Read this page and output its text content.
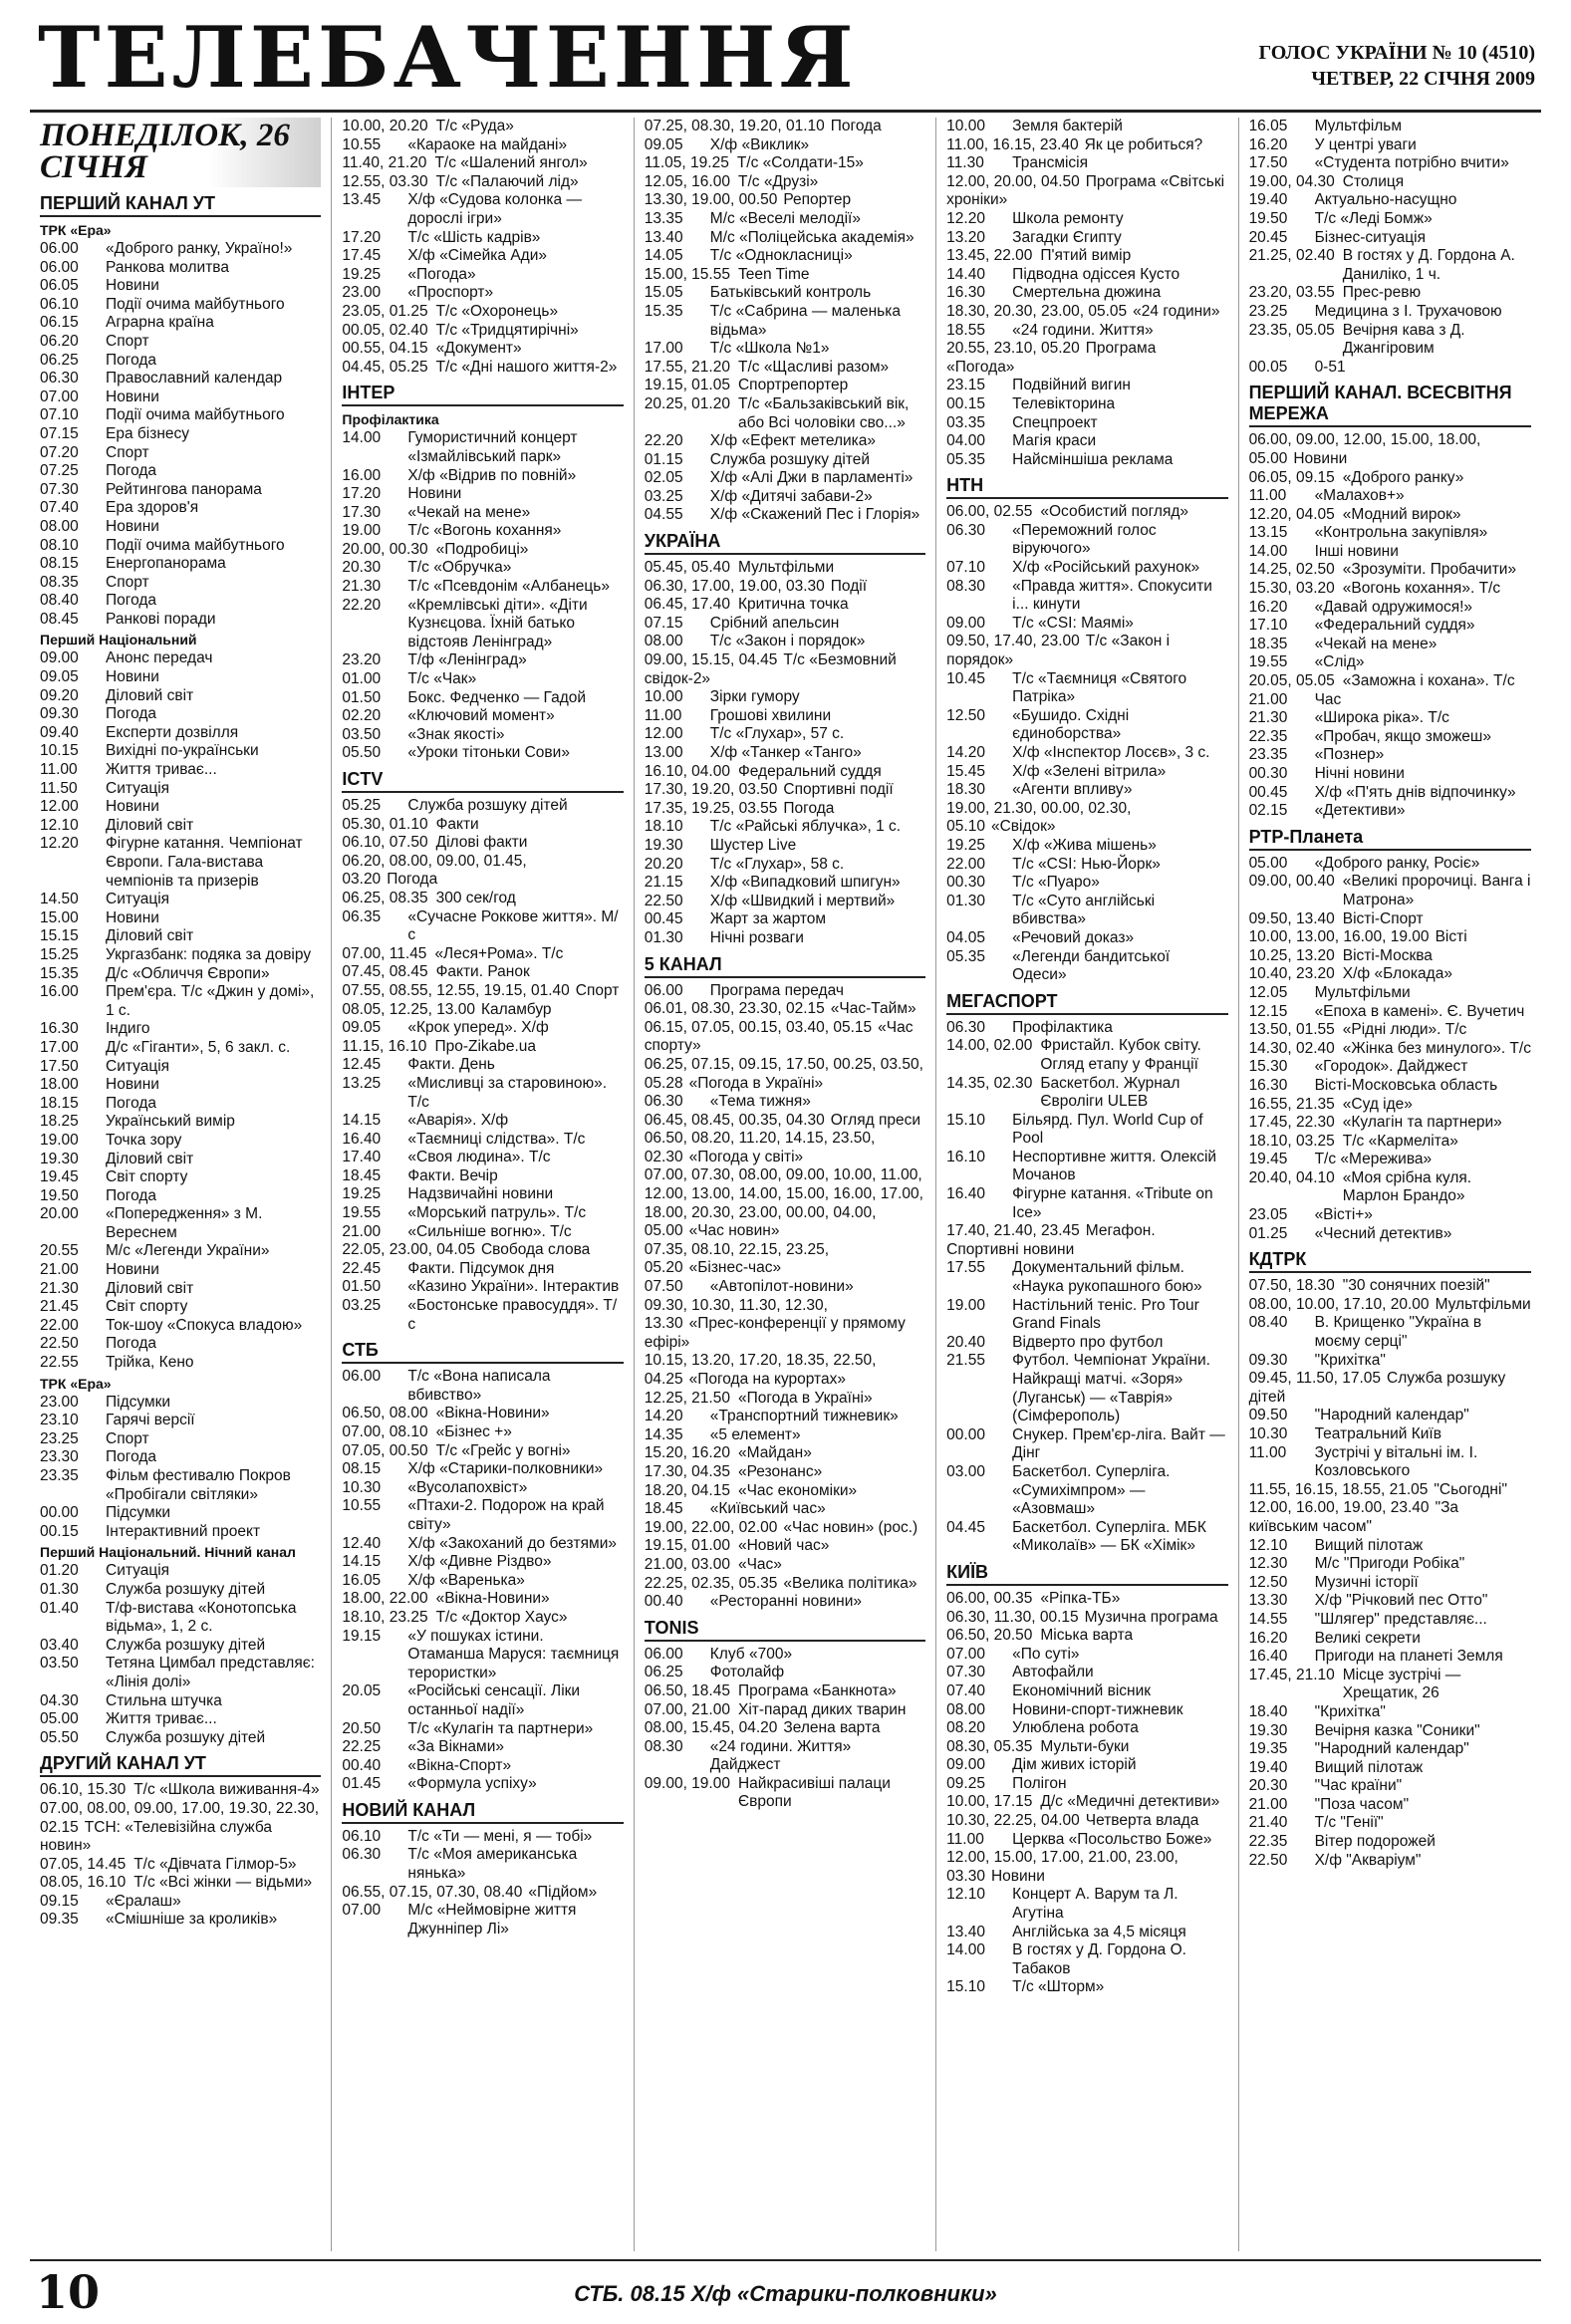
ТЕЛЕБАЧЕННЯ	ГОЛОС УКРАЇНИ № 10 (4510)
ЧЕТВЕР, 22 СІЧНЯ 2009
ПОНЕДІЛОК, 26 СІЧНЯ
ПЕРШИЙ КАНАЛ УТ
ТРК «Ера»
06.00	«Доброго ранку, Україно!»
06.00	Ранкова молитва
06.05	Новини
06.10	Події очима майбутнього
06.15	Аграрна країна
06.20	Спорт
06.25	Погода
06.30	Православний календар
07.00	Новини
07.10	Події очима майбутнього
07.15	Ера бізнесу
07.20	Спорт
07.25	Погода
07.30	Рейтингова панорама
07.40	Ера здоров'я
08.00	Новини
08.10	Події очима майбутнього
08.15	Енергопанорама
08.35	Спорт
08.40	Погода
08.45	Ранкові поради
Перший Національний
09.00	Анонс передач
09.05	Новини
09.20	Діловий світ
09.30	Погода
09.40	Експерти дозвілля
10.15	Вихідні по-українськи
11.00	Життя триває...
11.50	Ситуація
12.00	Новини
12.10	Діловий світ
12.20	Фігурне катання. Чемпіонат Європи. Гала-вистава чемпіонів та призерів
14.50	Ситуація
15.00	Новини
15.15	Діловий світ
15.25	Укргазбанк: подяка за довіру
15.35	Д/с «Обличчя Європи»
16.00	Прем'єра. Т/с «Джин у домі», 1 с.
16.30	Індиго
17.00	Д/с «Гіганти», 5, 6 закл. с.
17.50	Ситуація
18.00	Новини
18.15	Погода
18.25	Український вимір
19.00	Точка зору
19.30	Діловий світ
19.45	Світ спорту
19.50	Погода
20.00	«Попередження» з М. Вереснем
20.55	М/с «Легенди України»
21.00	Новини
21.30	Діловий світ
21.45	Світ спорту
22.00	Ток-шоу «Спокуса владою»
22.50	Погода
22.55	Трійка, Кено
ТРК «Ера»
23.00	Підсумки
23.10	Гарячі версії
23.25	Спорт
23.30	Погода
23.35	Фільм фестивалю Покров «Пробігали світляки»
00.00	Підсумки
00.15	Інтерактивний проект
Перший Національний. Нічний канал
01.20	Ситуація
01.30	Служба розшуку дітей
01.40	Т/ф-вистава «Конотопська відьма», 1, 2 с.
03.40	Служба розшуку дітей
03.50	Тетяна Цимбал представляє: «Лінія долі»
04.30	Стильна штучка
05.00	Життя триває...
05.50	Служба розшуку дітей
ДРУГИЙ КАНАЛ УТ
06.10, 15.30 Т/с «Школа виживання-4»
07.00, 08.00, 09.00, 17.00, 19.30, 22.30, 02.15 ТСН: «Телевізійна служба новин»
07.05, 14.45 Т/с «Дівчата Гілмор-5»
08.05, 16.10 Т/с «Всі жінки — відьми»
09.15	«Єралаш»
09.35	«Смішніше за кроликів»
10.00, 20.20 Т/с «Руда»
10.55	«Караоке на майдані»
11.40, 21.20 Т/с «Шалений янгол»
12.55, 03.30 Т/с «Палаючий лід»
13.45	Х/ф «Судова колонка — дорослі ігри»
17.20	Т/с «Шість кадрів»
17.45	Х/ф «Сімейка Ади»
19.25	«Погода»
23.00	«Проспорт»
23.05, 01.25 Т/с «Охоронець»
00.05, 02.40 Т/с «Тридцятирічні»
00.55, 04.15 «Документ»
04.45, 05.25 Т/с «Дні нашого життя-2»
ІНТЕР
Профілактика
14.00	Гумористичний концерт «Ізмайлівський парк»
16.00	Х/ф «Відрив по повній»
17.20	Новини
17.30	«Чекай на мене»
19.00	Т/с «Вогонь кохання»
20.00, 00.30 «Подробиці»
20.30	Т/с «Обручка»
21.30	Т/с «Псевдонім «Албанець»
22.20	«Кремлівські діти». «Діти Кузнєцова. Їхній батько відстояв Ленінград»
23.20	Т/ф «Ленінград»
01.00	Т/с «Чак»
01.50	Бокс. Федченко — Гадой
02.20	«Ключовий момент»
03.50	«Знак якості»
05.50	«Уроки тітоньки Сови»
ICTV
05.25	Служба розшуку дітей
05.30, 01.10 Факти
06.10, 07.50 Ділові факти
06.20, 08.00, 09.00, 01.45, 03.20 Погода
06.25, 08.35 300 сек/год
06.35	«Сучасне Роккове життя». М/с
07.00, 11.45 «Леся+Рома». Т/с
07.45, 08.45 Факти. Ранок
07.55, 08.55, 12.55, 19.15, 01.40 Спорт
08.05, 12.25, 13.00 Каламбур
09.05	«Крок уперед». Х/ф
11.15, 16.10 Про-Zikabe.ua
12.45	Факти. День
13.25	«Мисливці за старовиною». Т/с
14.15	«Аварія». Х/ф
16.40	«Таємниці слідства». Т/с
17.40	«Своя людина». Т/с
18.45	Факти. Вечір
19.25	Надзвичайні новини
19.55	«Морський патруль». Т/с
21.00	«Сильніше вогню». Т/с
22.05, 23.00, 04.05 Свобода слова
22.45	Факти. Підсумок дня
01.50	«Казино України». Інтерактив
03.25	«Бостонське правосуддя». Т/с
СТБ
06.00	Т/с «Вона написала вбивство»
06.50, 08.00 «Вікна-Новини»
07.00, 08.10 «Бізнес +»
07.05, 00.50 Т/с «Грейс у вогні»
08.15	Х/ф «Старики-полковники»
10.30	«Вусолапохвіст»
10.55	«Птахи-2. Подорож на край світу»
12.40	Х/ф «Закоханий до безтями»
14.15	Х/ф «Дивне Різдво»
16.05	Х/ф «Варенька»
18.00, 22.00 «Вікна-Новини»
18.10, 23.25 Т/с «Доктор Хаус»
19.15	«У пошуках істини. Отаманша Маруся: таємниця терористки»
20.05	«Російські сенсації. Ліки останньої надії»
20.50	Т/с «Кулагін та партнери»
22.25	«За Вікнами»
00.40	«Вікна-Спорт»
01.45	«Формула успіху»
НОВИЙ КАНАЛ
06.10	Т/с «Ти — мені, я — тобі»
06.30	Т/с «Моя американська нянька»
06.55, 07.15, 07.30, 08.40 «Підйом»
07.00	М/с «Неймовірне життя Джунніпер Лі»
07.25, 08.30, 19.20, 01.10 Погода
09.05	Х/ф «Виклик»
11.05, 19.25 Т/с «Солдати-15»
12.05, 16.00 Т/с «Друзі»
13.30, 19.00, 00.50 Репортер
13.35	М/с «Веселі мелодії»
13.40	М/с «Поліцейська академія»
14.05	Т/с «Однокласниці»
15.00, 15.55 Teen Time
15.05	Батьківський контроль
15.35	Т/с «Сабрина — маленька відьма»
17.00	Т/с «Школа №1»
17.55, 21.20 Т/с «Щасливі разом»
19.15, 01.05 Спортрепортер
20.25, 01.20 Т/с «Бальзаківський вік, або Всі чоловіки сво...»
22.20	Х/ф «Ефект метелика»
01.15	Служба розшуку дітей
02.05	Х/ф «Алі Джи в парламенті»
03.25	Х/ф «Дитячі забави-2»
04.55	Х/ф «Скажений Пес і Глорія»
УКРАЇНА
05.45, 05.40 Мультфільми
06.30, 17.00, 19.00, 03.30 Події
06.45, 17.40 Критична точка
07.15	Срібний апельсин
08.00	Т/с «Закон і порядок»
09.00, 15.15, 04.45 Т/с «Безмовний свідок-2»
10.00	Зірки гумору
11.00	Грошові хвилини
12.00	Т/с «Глухар», 57 с.
13.00	Х/ф «Танкер «Танго»
16.10, 04.00 Федеральний суддя
17.30, 19.20, 03.50 Спортивні події
17.35, 19.25, 03.55 Погода
18.10	Т/с «Райські яблучка», 1 с.
19.30	Шустер Live
20.20	Т/с «Глухар», 58 с.
21.15	Х/ф «Випадковий шпигун»
22.50	Х/ф «Швидкий і мертвий»
00.45	Жарт за жартом
01.30	Нічні розваги
5 КАНАЛ
06.00	Програма передач
06.01, 08.30, 23.30, 02.15 «Час-Тайм»
06.15, 07.05, 00.15, 03.40, 05.15 «Час спорту»
06.25, 07.15, 09.15, 17.50, 00.25, 03.50, 05.28 «Погода в Україні»
06.30	«Тема тижня»
06.45, 08.45, 00.35, 04.30 Огляд преси
06.50, 08.20, 11.20, 14.15, 23.50, 02.30 «Погода у світі»
07.00, 07.30, 08.00, 09.00, 10.00, 11.00, 12.00, 13.00, 14.00, 15.00, 16.00, 17.00, 18.00, 20.30, 23.00, 00.00, 04.00, 05.00 «Час новин»
07.35, 08.10, 22.15, 23.25, 05.20 «Бізнес-час»
07.50	«Автопілот-новини»
09.30, 10.30, 11.30, 12.30, 13.30 «Прес-конференції у прямому ефірі»
10.15, 13.20, 17.20, 18.35, 22.50, 04.25 «Погода на курортах»
12.25, 21.50 «Погода в Україні»
14.20	«Транспортний тижневик»
14.35	«5 елемент»
15.20, 16.20 «Майдан»
17.30, 04.35 «Резонанс»
18.20, 04.15 «Час економіки»
18.45	«Київський час»
19.00, 22.00, 02.00 «Час новин» (рос.)
19.15, 01.00 «Новий час»
21.00, 03.00 «Час»
22.25, 02.35, 05.35 «Велика політика»
00.40	«Ресторанні новини»
TONIS
06.00	Клуб «700»
06.25	Фотолайф
06.50, 18.45 Програма «Банкнота»
07.00, 21.00 Хіт-парад диких тварин
08.00, 15.45, 04.20 Зелена варта
08.30	«24 години. Життя» Дайджест
09.00, 19.00 Найкрасивіші палаци Європи
10.00	Земля бактерій
11.00, 16.15, 23.40 Як це робиться?
11.30	Трансмісія
12.00, 20.00, 04.50 Програма «Світські хроніки»
12.20	Школа ремонту
13.20	Загадки Єгипту
13.45, 22.00 П'ятий вимір
14.40	Підводна одіссея Кусто
16.30	Смертельна дюжина
18.30, 20.30, 23.00, 05.05 «24 години»
18.55	«24 години. Життя»
20.55, 23.10, 05.20 Програма «Погода»
23.15	Подвійний вигин
00.15	Телевікторина
03.35	Спецпроект
04.00	Магія краси
05.35	Найсміншіша реклама
НТН
06.00, 02.55 «Особистий погляд»
06.30	«Переможний голос віруючого»
07.10	Х/ф «Російський рахунок»
08.30	«Правда життя». Спокусити і... кинути
09.00	Т/с «CSI: Маямі»
09.50, 17.40, 23.00 Т/с «Закон і порядок»
10.45	Т/с «Таємниця «Святого Патріка»
12.50	«Бушидо. Східні єдиноборства»
14.20	Х/ф «Інспектор Лосєв», 3 с.
15.45	Х/ф «Зелені вітрила»
18.30	«Агенти впливу»
19.00, 21.30, 00.00, 02.30, 05.10 «Свідок»
19.25	Х/ф «Жива мішень»
22.00	Т/с «CSI: Нью-Йорк»
00.30	Т/с «Пуаро»
01.30	Т/с «Суто англійські вбивства»
04.05	«Речовий доказ»
05.35	«Легенди бандитської Одеси»
МЕГАСПОРТ
06.30	Профілактика
14.00, 02.00 Фристайл. Кубок світу. Огляд етапу у Франції
14.35, 02.30 Баскетбол. Журнал Євроліги ULEB
15.10	Більярд. Пул. World Cup of Pool
16.10	Неспортивне життя. Олексій Мочанов
16.40	Фігурне катання. «Tribute on Ice»
17.40, 21.40, 23.45 Мегафон. Спортивні новини
17.55	Документальний фільм. «Наука рукопашного бою»
19.00	Настільний теніс. Pro Tour Grand Finals
20.40	Відверто про футбол
21.55	Футбол. Чемпіонат України. Найкращі матчі. «Зоря» (Луганськ) — «Таврія» (Сімферополь)
00.00	Снукер. Прем'єр-ліга. Вайт — Дінг
03.00	Баскетбол. Суперліга. «Сумихімпром» — «Азовмаш»
04.45	Баскетбол. Суперліга. МБК «Миколаїв» — БК «Хімік»
КИЇВ
06.00, 00.35 «Ріпка-ТБ»
06.30, 11.30, 00.15 Музична програма
06.50, 20.50 Міська варта
07.00	«По суті»
07.30	Автофайли
07.40	Економічний вісник
08.00	Новини-спорт-тижневик
08.20	Улюблена робота
08.30, 05.35 Мульти-буки
09.00	Дім живих історій
09.25	Полігон
10.00, 17.15 Д/с «Медичні детективи»
10.30, 22.25, 04.00 Четверта влада
11.00	Церква «Посольство Боже»
12.00, 15.00, 17.00, 21.00, 23.00, 03.30 Новини
12.10	Концерт А. Варум та Л. Агутіна
13.40	Англійська за 4,5 місяця
14.00	В гостях у Д. Гордона О. Табаков
15.10	Т/с «Шторм»
16.05	Мультфільм
16.20	У центрі уваги
17.50	«Студента потрібно вчити»
19.00, 04.30 Столиця
19.40	Актуально-насущно
19.50	Т/с «Леді Бомж»
20.45	Бізнес-ситуація
21.25, 02.40 В гостях у Д. Гордона А. Даниліко, 1 ч.
23.20, 03.55 Прес-ревю
23.25	Медицина з І. Трухачовою
23.35, 05.05 Вечірня кава з Д. Джангіровим
00.05	0-51
ПЕРШИЙ КАНАЛ. ВСЕСВІТНЯ МЕРЕЖА
06.00, 09.00, 12.00, 15.00, 18.00, 05.00 Новини
06.05, 09.15 «Доброго ранку»
11.00	«Малахов+»
12.20, 04.05 «Модний вирок»
13.15	«Контрольна закупівля»
14.00	Інші новини
14.25, 02.50 «Зрозуміти. Пробачити»
15.30, 03.20 «Вогонь кохання». Т/с
16.20	«Давай одружимося!»
17.10	«Федеральний суддя»
18.35	«Чекай на мене»
19.55	«Слід»
20.05, 05.05 «Заможна і кохана». Т/с
21.00	Час
21.30	«Широка ріка». Т/с
22.35	«Пробач, якщо зможеш»
23.35	«Познер»
00.30	Нічні новини
00.45	Х/ф «П'ять днів відпочинку»
02.15	«Детективи»
РТР-Планета
05.00	«Доброго ранку, Росіє»
09.00, 00.40 «Великі пророчиці. Ванга і Матрона»
09.50, 13.40 Вісті-Спорт
10.00, 13.00, 16.00, 19.00 Вісті
10.25, 13.20 Вісті-Москва
10.40, 23.20 Х/ф «Блокада»
12.05	Мультфільми
12.15	«Епоха в камені». Є. Вучетич
13.50, 01.55 «Рідні люди». Т/с
14.30, 02.40 «Жінка без минулого». Т/с
15.30	«Городок». Дайджест
16.30	Вісті-Московська область
16.55, 21.35 «Суд іде»
17.45, 22.30 «Кулагін та партнери»
18.10, 03.25 Т/с «Кармеліта»
19.45	Т/с «Мережива»
20.40, 04.10 «Моя срібна куля. Марлон Брандо»
23.05	«Вісті+»
01.25	«Чесний детектив»
КДТРК
07.50, 18.30 "30 сонячних поезій"
08.00, 10.00, 17.10, 20.00 Мультфільми
08.40	В. Крищенко "Україна в моєму серці"
09.30	"Крихітка"
09.45, 11.50, 17.05 Служба розшуку дітей
09.50	"Народний календар"
10.30	Театральний Київ
11.00	Зустрічі у вітальні ім. І. Козловського
11.55, 16.15, 18.55, 21.05 "Сьогодні"
12.00, 16.00, 19.00, 23.40 "За київським часом"
12.10	Вищий пілотаж
12.30	М/с "Пригоди Робіка"
12.50	Музичні історії
13.30	Х/ф "Річковий пес Отто"
14.55	"Шлягер" представляє...
16.20	Великі секрети
16.40	Пригоди на планеті Земля
17.45, 21.10 Місце зустрічі — Хрещатик, 26
18.40	"Крихітка"
19.30	Вечірня казка "Соники"
19.35	"Народний календар"
19.40	Вищий пілотаж
20.30	"Час країни"
21.00	"Поза часом"
21.40	Т/с "Генії"
22.35	Вітер подорожей
22.50	Х/ф "Акваріум"
10	СТБ. 08.15 Х/ф «Старики-полковники»
